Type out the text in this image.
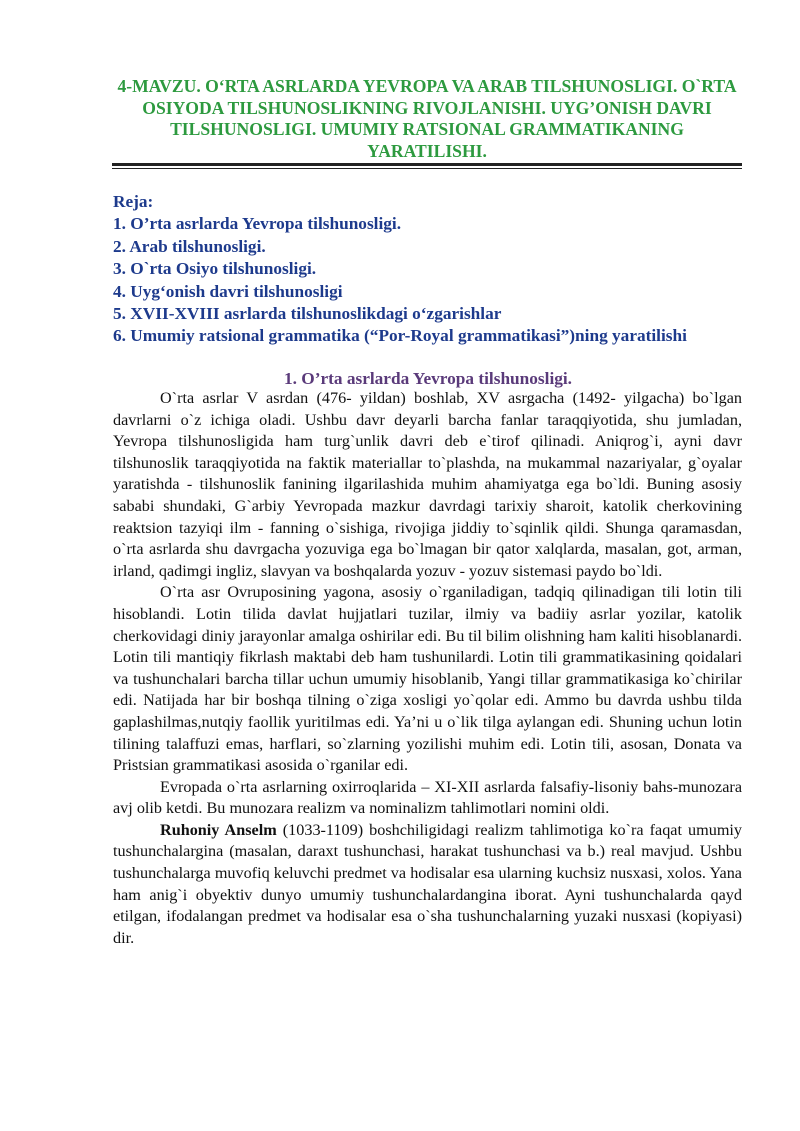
4-MAVZU. O‘RTA ASRLARDA YEVROPA VA ARAB TILSHUNOSLIGI. O`RTA OSIYODA TILSHUNOSLIKNING RIVOJLANISHI. UYG’ONISH DAVRI TILSHUNOSLIGI. UMUMIY RATSIONAL GRAMMATIKANING YARATILISHI.
Reja:
1. O’rta asrlarda Yevropa tilshunosligi.
2. Arab tilshunosligi.
3. O`rta Osiyo tilshunosligi.
4. Uyg‘onish davri tilshunosligi
5. XVII-XVIII asrlarda tilshunoslikdagi o‘zgarishlar
6. Umumiy ratsional grammatika (“Por-Royal grammatikasi”)ning yaratilishi
1. O’rta asrlarda Yevropa tilshunosligi.

O`rta asrlar V asrdan (476- yildan) boshlab, XV asrgacha (1492- yilgacha) bo`lgan davrlarni o`z ichiga oladi. Ushbu davr deyarli barcha fanlar taraqqiyotida, shu jumladan, Yevropa tilshunosligida ham turg`unlik davri deb e`tirof qilinadi. Aniqrog`i, ayni davr tilshunoslik taraqqiyotida na faktik materiallar to`plashda, na mukammal nazariyalar, g`oyalar yaratishda - tilshunoslik fanining ilgarilashida muhim ahamiyatga ega bo`ldi. Buning asosiy sababi shundaki, G`arbiy Yevropada mazkur davrdagi tarixiy sharoit, katolik cherkovining reaktsion tazyiqi ilm - fanning o`sishiga, rivojiga jiddiy to`sqinlik qildi. Shunga qaramasdan, o`rta asrlarda shu davrgacha yozuviga ega bo`lmagan bir qator xalqlarda, masalan, got, arman, irland, qadimgi ingliz, slavyan va boshqalarda yozuv - yozuv sistemasi paydo bo`ldi.

O`rta asr Ovruposining yagona, asosiy o`rganiladigan, tadqiq qilinadigan tili lotin tili hisoblandi. Lotin tilida davlat hujjatlari tuzilar, ilmiy va badiiy asrlar yozilar, katolik cherkovidagi diniy jarayonlar amalga oshirilar edi. Bu til bilim olishning ham kaliti hisoblanardi. Lotin tili mantiqiy fikrlash maktabi deb ham tushunilardi. Lotin tili grammatikasining qoidalari va tushunchalari barcha tillar uchun umumiy hisoblanib, Yangi tillar grammatikasiga ko`chirilar edi. Natijada har bir boshqa tilning o`ziga xosligi yo`qolar edi. Ammo bu davrda ushbu tilda gaplashilmas,nutqiy faollik yuritilmas edi. Ya’ni u o`lik tilga aylangan edi. Shuning uchun lotin tilining talaffuzi emas, harflari, so`zlarning yozilishi muhim edi. Lotin tili, asosan, Donata va Pristsian grammatikasi asosida o`rganilar edi.

Evropada o`rta asrlarning oxirroqlarida – XI-XII asrlarda falsafiy-lisoniy bahs-munozara avj olib ketdi. Bu munozara realizm va nominalizm tahlimotlari nomini oldi.

Ruhoniy Anselm (1033-1109) boshchiligidagi realizm tahlimotiga ko`ra faqat umumiy tushunchalargina (masalan, daraxt tushunchasi, harakat tushunchasi va b.) real mavjud. Ushbu tushunchalarga muvofiq keluvchi predmet va hodisalar esa ularning kuchsiz nusxasi, xolos. Yana ham anig`i obyektiv dunyo umumiy tushunchalardangina iborat. Ayni tushunchalarda qayd etilgan, ifodalangan predmet va hodisalar esa o`sha tushunchalarning yuzaki nusxasi (kopiyasi) dir.
